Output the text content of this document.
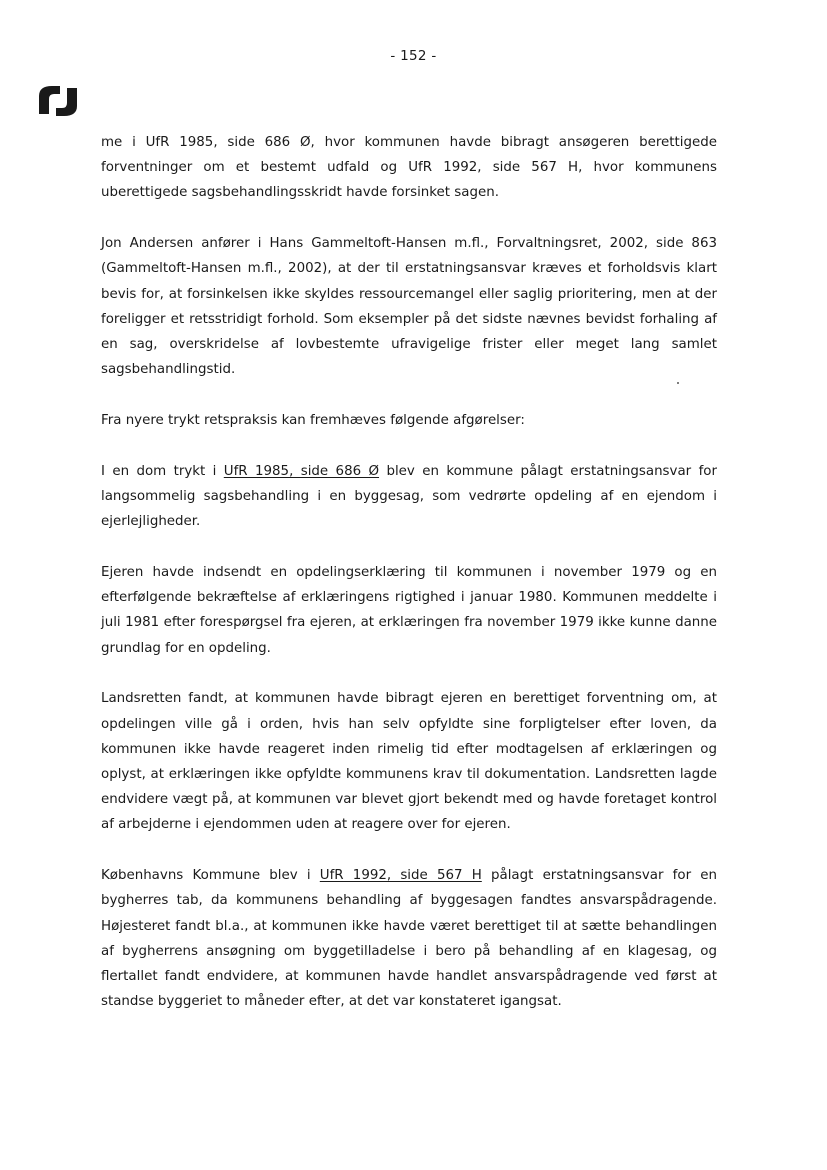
- 152 -

me i UfR 1985, side 686 Ø, hvor kommunen havde bibragt ansøgeren berettigede forventninger om et bestemt udfald og UfR 1992, side 567 H, hvor kommunens uberettigede sagsbehandlingsskridt havde forsinket sagen.

Jon Andersen anfører i Hans Gammeltoft-Hansen m.fl., Forvaltningsret, 2002, side 863 (Gammeltoft-Hansen m.fl., 2002), at der til erstatningsansvar kræves et forholdsvis klart bevis for, at forsinkelsen ikke skyldes ressourcemangel eller saglig prioritering, men at der foreligger et retsstridigt forhold. Som eksempler på det sidste nævnes bevidst forhaling af en sag, overskridelse af lovbestemte ufravigelige frister eller meget lang samlet sagsbehandlingstid.

Fra nyere trykt retspraksis kan fremhæves følgende afgørelser:

I en dom trykt i UfR 1985, side 686 Ø blev en kommune pålagt erstatningsansvar for langsommelig sagsbehandling i en byggesag, som vedrørte opdeling af en ejendom i ejerlejligheder.

Ejeren havde indsendt en opdelingserklæring til kommunen i november 1979 og en efterfølgende bekræftelse af erklæringens rigtighed i januar 1980. Kommunen meddelte i juli 1981 efter forespørgsel fra ejeren, at erklæringen fra november 1979 ikke kunne danne grundlag for en opdeling.

Landsretten fandt, at kommunen havde bibragt ejeren en berettiget forventning om, at opdelingen ville gå i orden, hvis han selv opfyldte sine forpligtelser efter loven, da kommunen ikke havde reageret inden rimelig tid efter modtagelsen af erklæringen og oplyst, at erklæringen ikke opfyldte kommunens krav til dokumentation. Landsretten lagde endvidere vægt på, at kommunen var blevet gjort bekendt med og havde foretaget kontrol af arbejderne i ejendommen uden at reagere over for ejeren.

Københavns Kommune blev i UfR 1992, side 567 H pålagt erstatningsansvar for en bygherres tab, da kommunens behandling af byggesagen fandtes ansvarspådragende. Højesteret fandt bl.a., at kommunen ikke havde været berettiget til at sætte behandlingen af bygherrens ansøgning om byggetilladelse i bero på behandling af en klagesag, og flertallet fandt endvidere, at kommunen havde handlet ansvarspådragende ved først at standse byggeriet to måneder efter, at det var konstateret igangsat.
